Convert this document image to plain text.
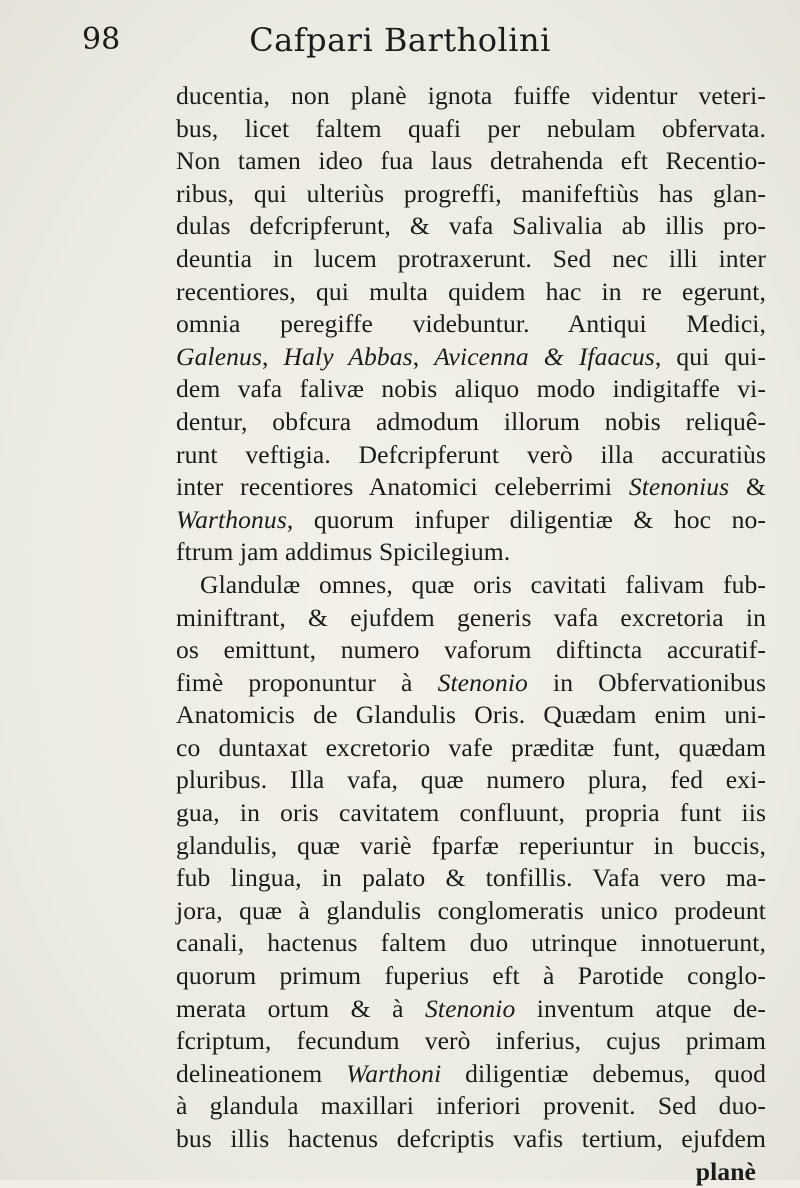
98	Cafpari Bartholini
ducentia, non planè ignota fuiffe videntur veteri-
bus, licet faltem quafi per nebulam obfervata.
Non tamen ideo fua laus detrahenda eft Recentio-
ribus, qui ulteriùs progreffi, manifeftiùs has glan-
dulas defcripferunt, & vafa Salivalia ab illis pro-
deuntia in lucem protraxerunt. Sed nec illi inter
recentiores, qui multa quidem hac in re egerunt,
omnia peregiffe videbuntur. Antiqui Medici,
Galenus, Haly Abbas, Avicenna & Ifaacus, qui qui-
dem vafa falivæ nobis aliquo modo indigitaffe vi-
dentur, obfcura admodum illorum nobis reliquê-
runt veftigia. Defcripferunt verò illa accuratiùs
inter recentiores Anatomici celeberrimi Stenonius &
Warthonus, quorum infuper diligentiæ & hoc no-
ftrum jam addimus Spicilegium.
Glandulæ omnes, quæ oris cavitati falivam fub-
miniftrant, & ejufdem generis vafa excretoria in
os emittunt, numero vaforum diftinctа accuratif-
fimè proponuntur à Stenonio in Obfervationibus
Anatomicis de Glandulis Oris. Quædam enim uni-
co duntaxat excretorio vafe præditæ funt, quædam
pluribus. Illa vafa, quæ numero plura, fed exi-
gua, in oris cavitatem confluunt, propria funt iis
glandulis, quæ variè fparfæ reperiuntur in buccis,
fub lingua, in palato & tonfillis. Vafa vero ma-
jora, quæ à glandulis conglomeratis unico prodeunt
canali, hactenus faltem duo utrinque innotuerunt,
quorum primum fuperius eft à Parotide conglo-
merata ortum & à Stenonio inventum atque de-
fcriptum, fecundum verò inferius, cujus primam
delineationem Warthoni diligentiæ debemus, quod
à glandula maxillari inferiori provenit. Sed duo-
bus illis hactenus defcriptis vafis tertium, ejufdem
planè
